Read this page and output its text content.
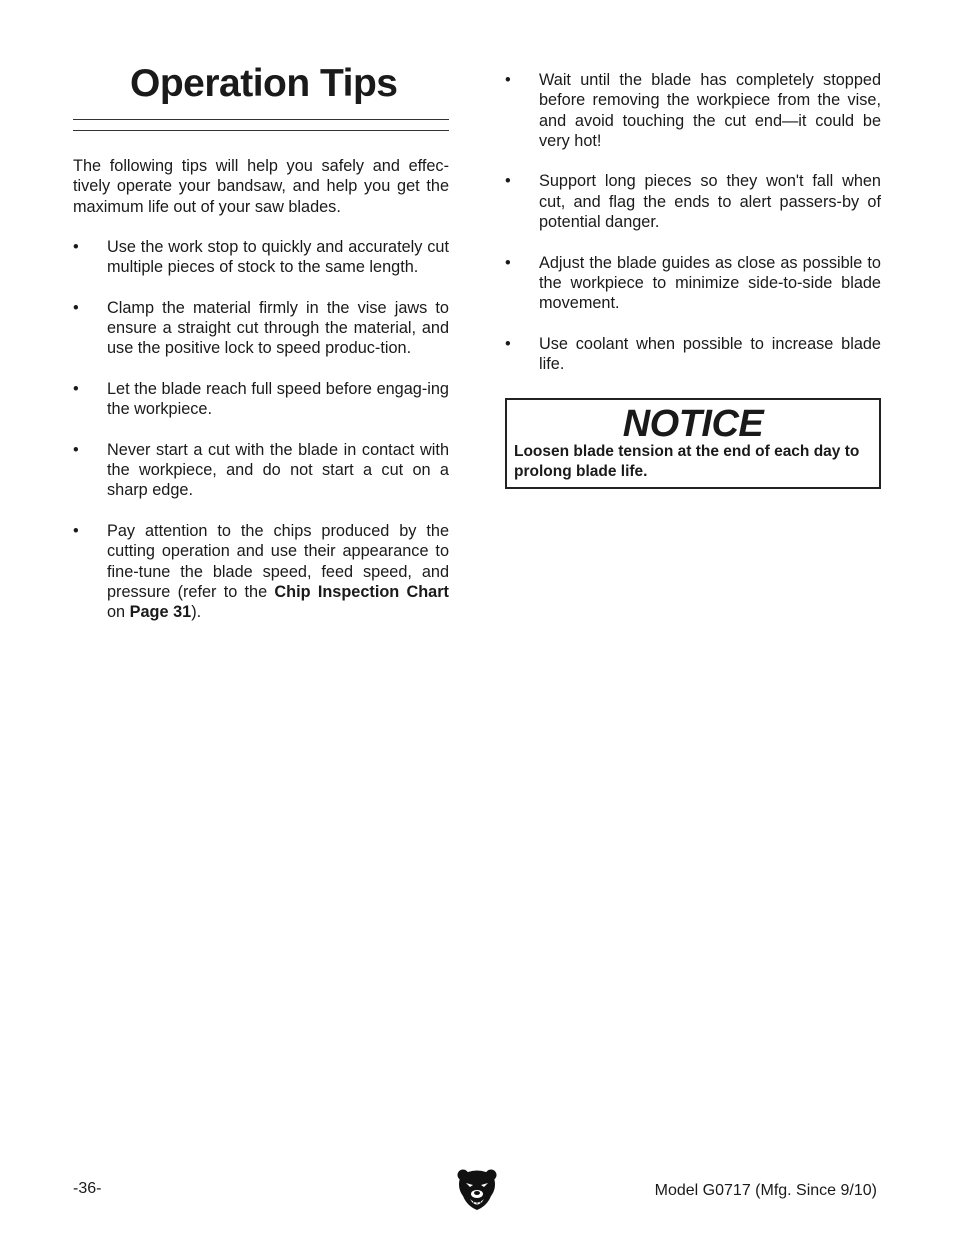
Operation Tips

The following tips will help you safely and effec-tively operate your bandsaw, and help you get the maximum life out of your saw blades.

• Use the work stop to quickly and accurately cut multiple pieces of stock to the same length.
• Clamp the material firmly in the vise jaws to ensure a straight cut through the material, and use the positive lock to speed produc-tion.
• Let the blade reach full speed before engag-ing the workpiece.
• Never start a cut with the blade in contact with the workpiece, and do not start a cut on a sharp edge.
• Pay attention to the chips produced by the cutting operation and use their appearance to fine-tune the blade speed, feed speed, and pressure (refer to the Chip Inspection Chart on Page 31).
• Wait until the blade has completely stopped before removing the workpiece from the vise, and avoid touching the cut end—it could be very hot!
• Support long pieces so they won't fall when cut, and flag the ends to alert passers-by of potential danger.
• Adjust the blade guides as close as possible to the workpiece to minimize side-to-side blade movement.
• Use coolant when possible to increase blade life.
NOTICE
Loosen blade tension at the end of each day to prolong blade life.
-36-	Model G0717 (Mfg. Since 9/10)
